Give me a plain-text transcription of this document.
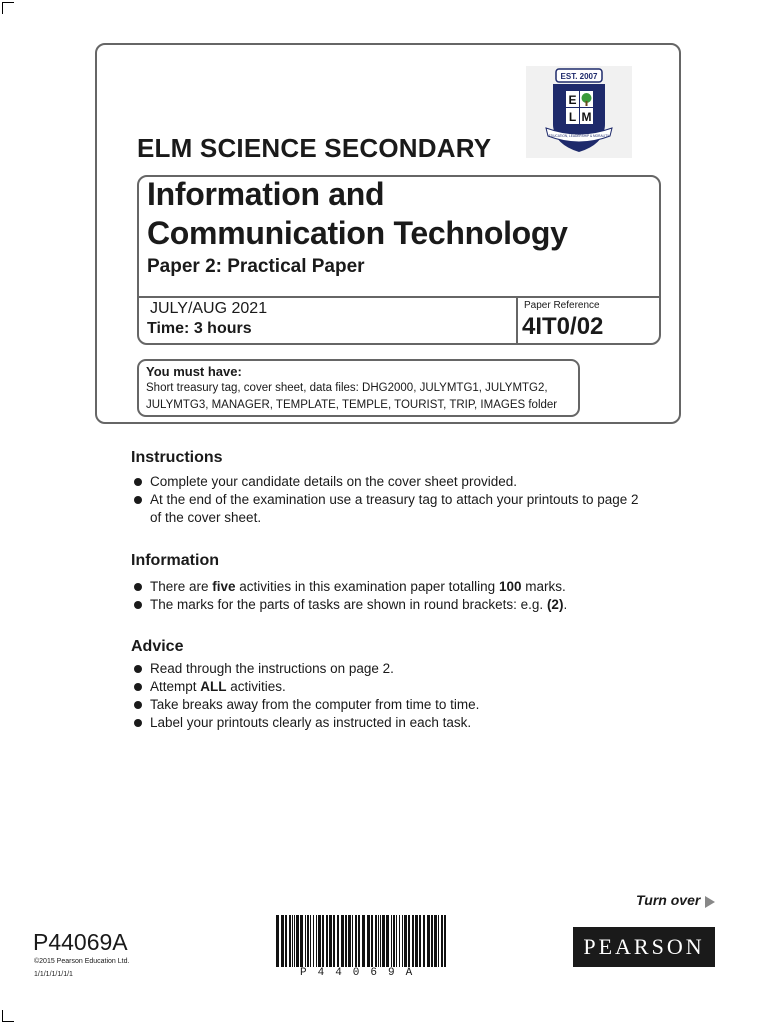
EST. 2007
E
M
L
EDUCATION, LEADERSHIP & MORALITY
ELM SCIENCE SECONDARY
Information and
Communication Technology
Paper 2: Practical Paper
JULY/AUG 2021
Time: 3 hours
Paper Reference
4IT0/02
You must have:
Short treasury tag, cover sheet, data files: DHG2000, JULYMTG1, JULYMTG2,
JULYMTG3, MANAGER, TEMPLATE, TEMPLE, TOURIST, TRIP, IMAGES folder
Instructions
Complete your candidate details on the cover sheet provided.
At the end of the examination use a treasury tag to attach your printouts to page 2 of the cover sheet.
Information
There are five activities in this examination paper totalling 100 marks.
The marks for the parts of tasks are shown in round brackets: e.g. (2).
Advice
Read through the instructions on page 2.
Attempt ALL activities.
Take breaks away from the computer from time to time.
Label your printouts clearly as instructed in each task.
Turn over
P44069A
©2015 Pearson Education Ltd.
1/1/1/1/1/1/1	P44069A
PEARSON
